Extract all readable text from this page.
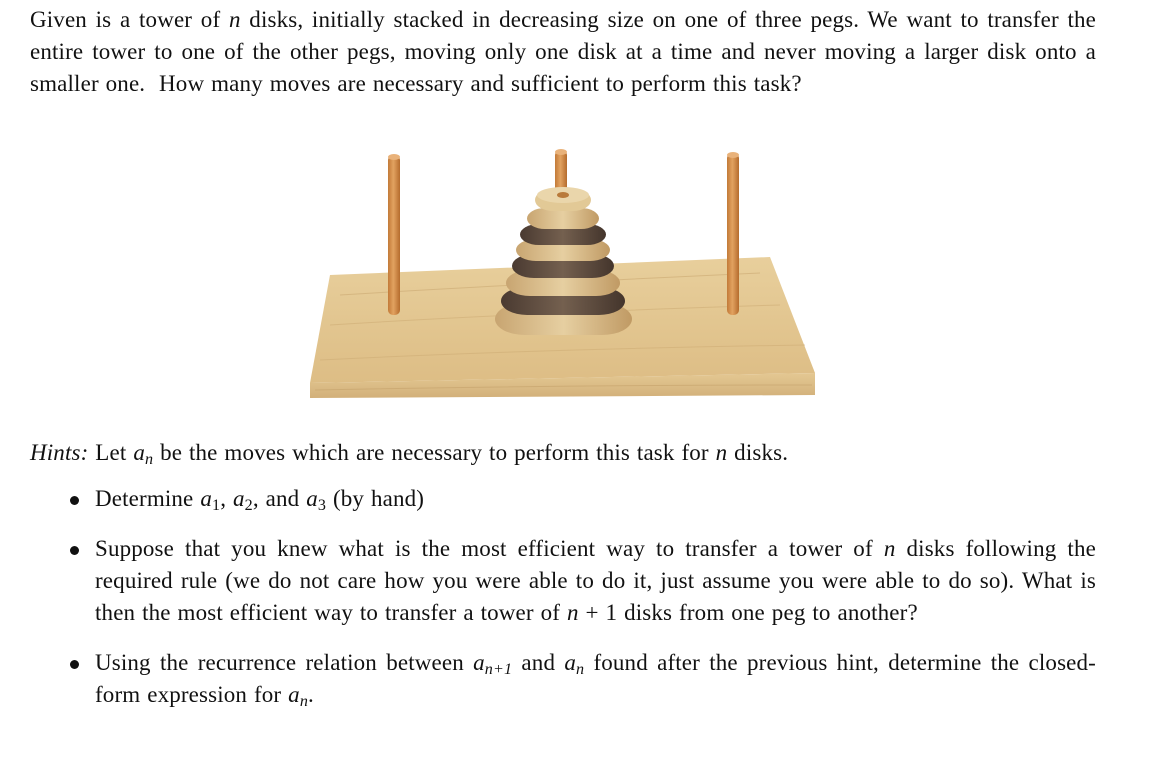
Given is a tower of n disks, initially stacked in decreasing size on one of three pegs. We want to transfer the entire tower to one of the other pegs, moving only one disk at a time and never moving a larger disk onto a smaller one. How many moves are necessary and sufficient to perform this task?

Hints: Let $a_n$ be the moves which are necessary to perform this task for n disks.

Determine $a_1$, $a_2$, and $a_3$ (by hand)
Suppose that you knew what is the most efficient way to transfer a tower of n disks following the required rule (we do not care how you were able to do it, just assume you were able to do so). What is then the most efficient way to transfer a tower of n + 1 disks from one peg to another?
Using the recurrence relation between $a_{n+1}$ and $a_n$ found after the previous hint, determine the closed-form expression for $a_n$.
